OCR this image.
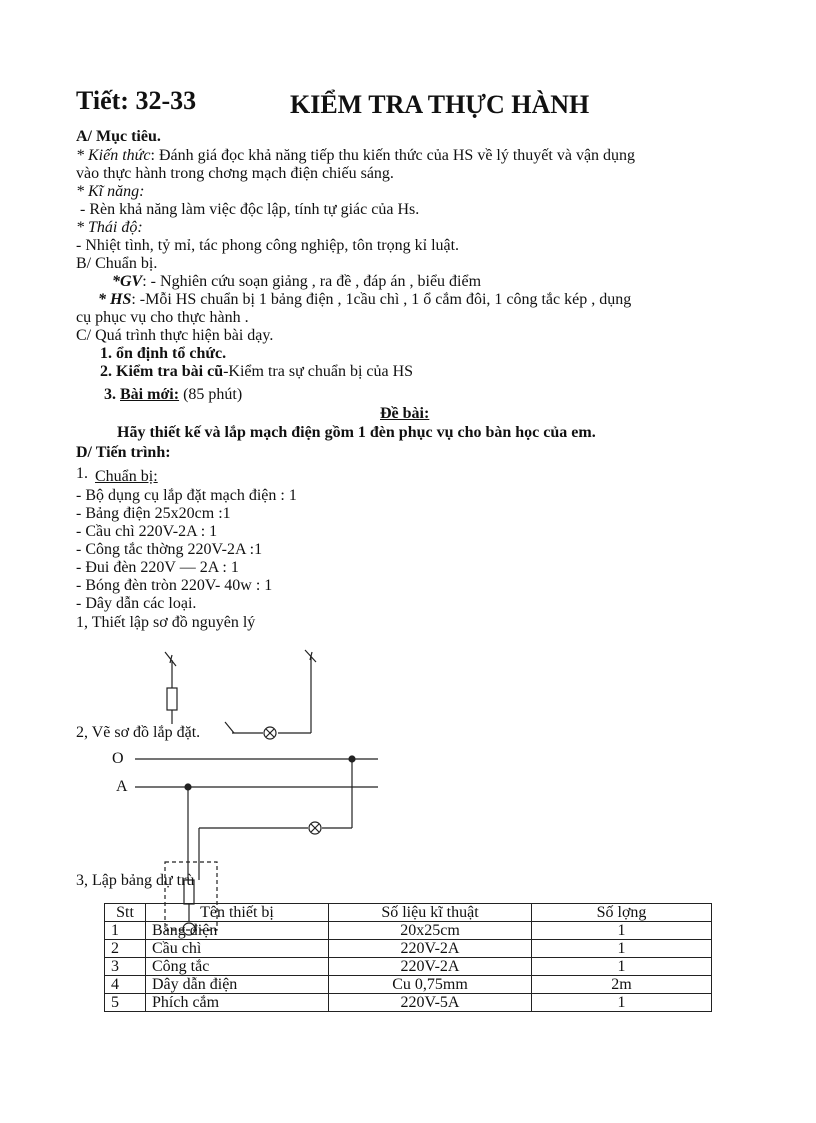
Tiết: 32-33	KIỂM TRA THỰC HÀNH
A/ Mục tiêu.
* Kiến thức: Đánh giá đọc khả năng tiếp thu kiến thức của HS về lý thuyết và vận dụng
vào thực hành trong chơng mạch điện chiếu sáng.
* Kĩ năng:
- Rèn khả năng làm việc độc lập, tính tự giác của Hs.
* Thái độ:
- Nhiệt tình, tỷ mỉ, tác phong công nghiệp, tôn trọng kỉ luật.
B/ Chuẩn bị.
*GV: - Nghiên cứu soạn giảng , ra đề , đáp án , biểu điểm
* HS: -Mỗi HS chuẩn bị 1 bảng điện , 1cầu chì , 1 ổ cắm đôi, 1 công tắc kép , dụng
cụ phục vụ cho thực hành .
C/ Quá trình thực hiện bài dạy.
1. ổn định tổ chức.
2. Kiểm tra bài cũ-Kiểm tra sự chuẩn bị của HS
3. Bài mới: (85 phút)
Đề bài:
Hãy thiết kế và lắp mạch điện gồm 1 đèn phục vụ cho bàn học của em.
D/ Tiến trình:
1. Chuẩn bị:
- Bộ dụng cụ lắp đặt mạch điện : 1
- Bảng điện 25x20cm :1
- Cầu chì 220V-2A : 1
- Công tắc thờng 220V-2A :1
- Đui đèn 220V — 2A : 1
- Bóng đèn tròn 220V- 40w : 1
- Dây dẫn các loại.
1, Thiết lập sơ đồ nguyên lý
2, Vẽ sơ đồ lắp đặt.
O
A
3, Lập bảng dự trù
Stt	Tên thiết bị	Số liệu kĩ thuật	Số lợng
1	Bảng điện	20x25cm	1
2	Cầu chì	220V-2A	1
3	Công tắc	220V-2A	1
4	Dây dẫn điện	Cu 0,75mm	2m
5	Phích cắm	220V-5A	1
